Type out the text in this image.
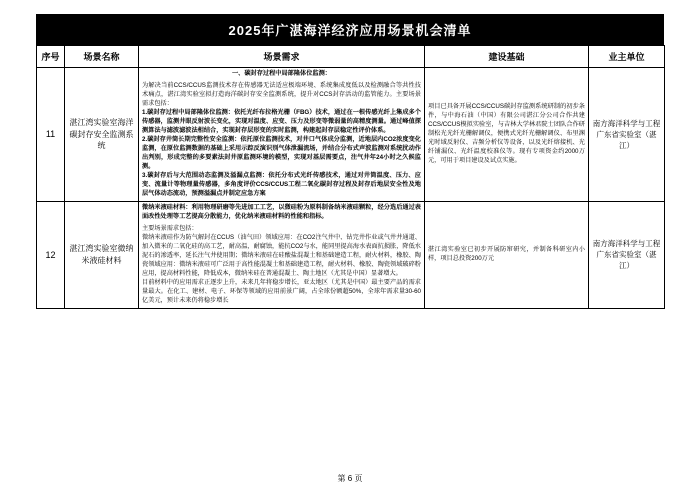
2025年广湛海洋经济应用场景机会清单
序号	场景名称	场景需求	建设基础	业主单位
11	湛江湾实验室海洋碳封存安全监测系统	一、碳封存过程中局部隆体位监测：

为解决当前CCS/CCUS监测技术存在传感器无法适应极端环境、系统集成度低以及检测融合等共性技术痛点，湛江湾实验室拟打造海洋碳封存安全监测系统，提升对CCS封存活动的监管能力。主要场景需求包括：

1.碳封存过程中局部隆体位监测：依托光纤布拉格光栅（FBG）技术，通过在一根传感光纤上集成多个传感器，监测井眼反射波长变化，实现对温度、应变、压力及形变等微弱量的高精度测量。通过峰值探测算法与滤波滤波法相结合，实现封存层形变的实时监测，构建起封存层稳定性评价体系。

2.碳封存井筒长期完整性安全监测：依托原位监测技术，对井口气体成分监测，近地层内CO2浓度变化监测，在原位监测数据的基础上采用示踪反演识别气体泄漏流场，并结合分布式声波监测对系统扰动作出判别，形成完整的多要素法封井原监测环境的模型，实现对基层需要点，注气井年24小时之久候监测。

3.碳封存后与大范围动态监测及溢漏点监测：依托分布式光纤传感技术，通过对井筒温度、压力、应变、流量计等物理量传感器，多角度评价CCS/CCUS工程二氧化碳封存过程及封存后地层安全性及地层气体动态流动，预测溢漏点并制定应急方案	项目已具备开展CCS/CCUS碳封存监测系统研制的初步条件，与中海石油（中国）有限公司湛江分公司合作共建CCS/CCUS模拟实验室，与吉林大学林君院士团队合作研制松光光纤光栅解调仪，便携式光纤光栅解调仪、布里渊光时域反射仪、吉频分析仪等设备，以及光纤熔接机、光纤铺漏仪、光纤温度校准仪等。现有专项资金约2000万元，可用于项目建设及试点实施。	南方海洋科学与工程广东省实验室（湛江）
12	湛江湾实验室微纳米液硅材料	微纳米液硅材料：利用物理研磨等先进加工工艺，以微硅粉为原料制备纳米液硅颗粒，经分选后通过表面改性处理等工艺提高分散能力，优化纳米液硅材料的性能和指标。

主要场景需求包括：

微纳米液硅作为防气解封在CCUS（油气田）领域应用：在CO2注气井中、钻完井作业或气井井通道、加入微米的二氧化硅的高工艺，耐高温，耐腐蚀，能抗CO2与水，能同里提高海水表面抗损胀，降低水泥石的渗透率，延长注气井使用期；微纳米液硅在硅酸盐混凝土和基础建造工程，耐火材料，橡胶、陶瓷领域应用：微纳米液硅可广泛用于高性能混凝土和基础建造工程，耐火材料、橡胶、陶瓷领域破碎粉应用，提高材料性能，降低成本，微纳米硅在普通混凝土、陶土地区（尤其是中国）显著增大。

目前材料中的应用需求正逐步上升，未来几年将稳步增长，亚太地区（尤其是中国）最主要产品的需求量最大。在化工、建材、电子、环保等领域的应用前景广阔，占全球份额超50%，全球年需求量30-60亿美元，预计未来仍将稳步增长	湛江湾实验室已初步开展防窜研究，并制备科研室内小样，项目总投资200万元	南方海洋科学与工程广东省实验室（湛江）
第 6 页
